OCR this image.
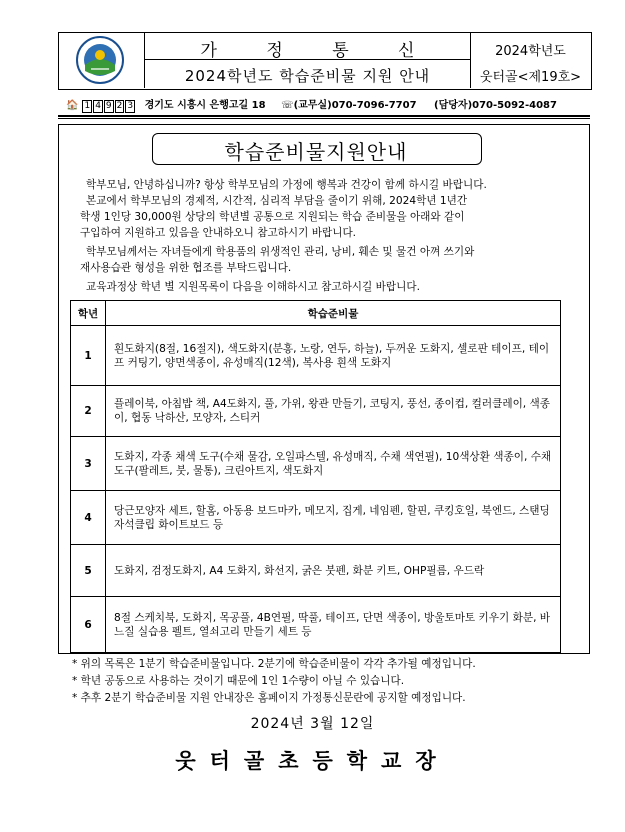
가 정 통 신
2024학년도 학습준비물 지원 안내
2024학년도
웃터골<제19호>
🏠 1 4 9 2 3 경기도 시흥시 은행고길 18 ☏(교무실)070-7096-7707 (담당자)070-5092-4087
학습준비물지원안내
학부모님, 안녕하십니까? 항상 학부모님의 가정에 행복과 건강이 함께 하시길 바랍니다.
본교에서 학부모님의 경제적, 시간적, 심리적 부담을 줄이기 위해, 2024학년 1년간
학생 1인당 30,000원 상당의 학년별 공통으로 지원되는 학습 준비물을 아래와 같이
구입하여 지원하고 있음을 안내하오니 참고하시기 바랍니다.
학부모님께서는 자녀들에게 학용품의 위생적인 관리, 낭비, 훼손 및 물건 아껴 쓰기와
재사용습관 형성을 위한 협조를 부탁드립니다.
교육과정상 학년 별 지원목록이 다음을 이해하시고 참고하시길 바랍니다.
학년	학습준비물
1	흰도화지(8절, 16절지), 색도화지(분홍, 노랑, 연두, 하늘), 두꺼운 도화지, 셀로판 테이프, 테이프 커팅기, 양면색종이, 유성매직(12색), 복사용 흰색 도화지
2	플레이북, 아침밥 책, A4도화지, 풀, 가위, 왕관 만들기, 코팅지, 풍선, 종이컵, 컬러클레이, 색종이, 협동 낙하산, 모양자, 스티커
3	도화지, 각종 채색 도구(수채 물감, 오일파스텔, 유성매직, 수채 색연필), 10색상환 색종이, 수채도구(팔레트, 붓, 물통), 크린아트지, 색도화지
4	당근모양자 세트, 할홈, 아동용 보드마카, 메모지, 집게, 네임펜, 할핀, 쿠킹호일, 북엔드, 스탠딩 자석클립 화이트보드 등
5	도화지, 검정도화지, A4 도화지, 화선지, 굵은 붓펜, 화분 키트, OHP필름, 우드락
6	8절 스케치북, 도화지, 목공풀, 4B연필, 딱풀, 테이프, 단면 색종이, 방울토마토 키우기 화분, 바느질 실습용 펠트, 열쇠고리 만들기 세트 등
* 위의 목록은 1분기 학습준비물입니다. 2분기에 학습준비물이 각각 추가될 예정입니다.
* 학년 공동으로 사용하는 것이기 때문에 1인 1수량이 아닐 수 있습니다.
* 추후 2분기 학습준비물 지원 안내장은 홈페이지 가정통신문란에 공지할 예정입니다.
2024년 3월 12일
웃터골초등학교장
